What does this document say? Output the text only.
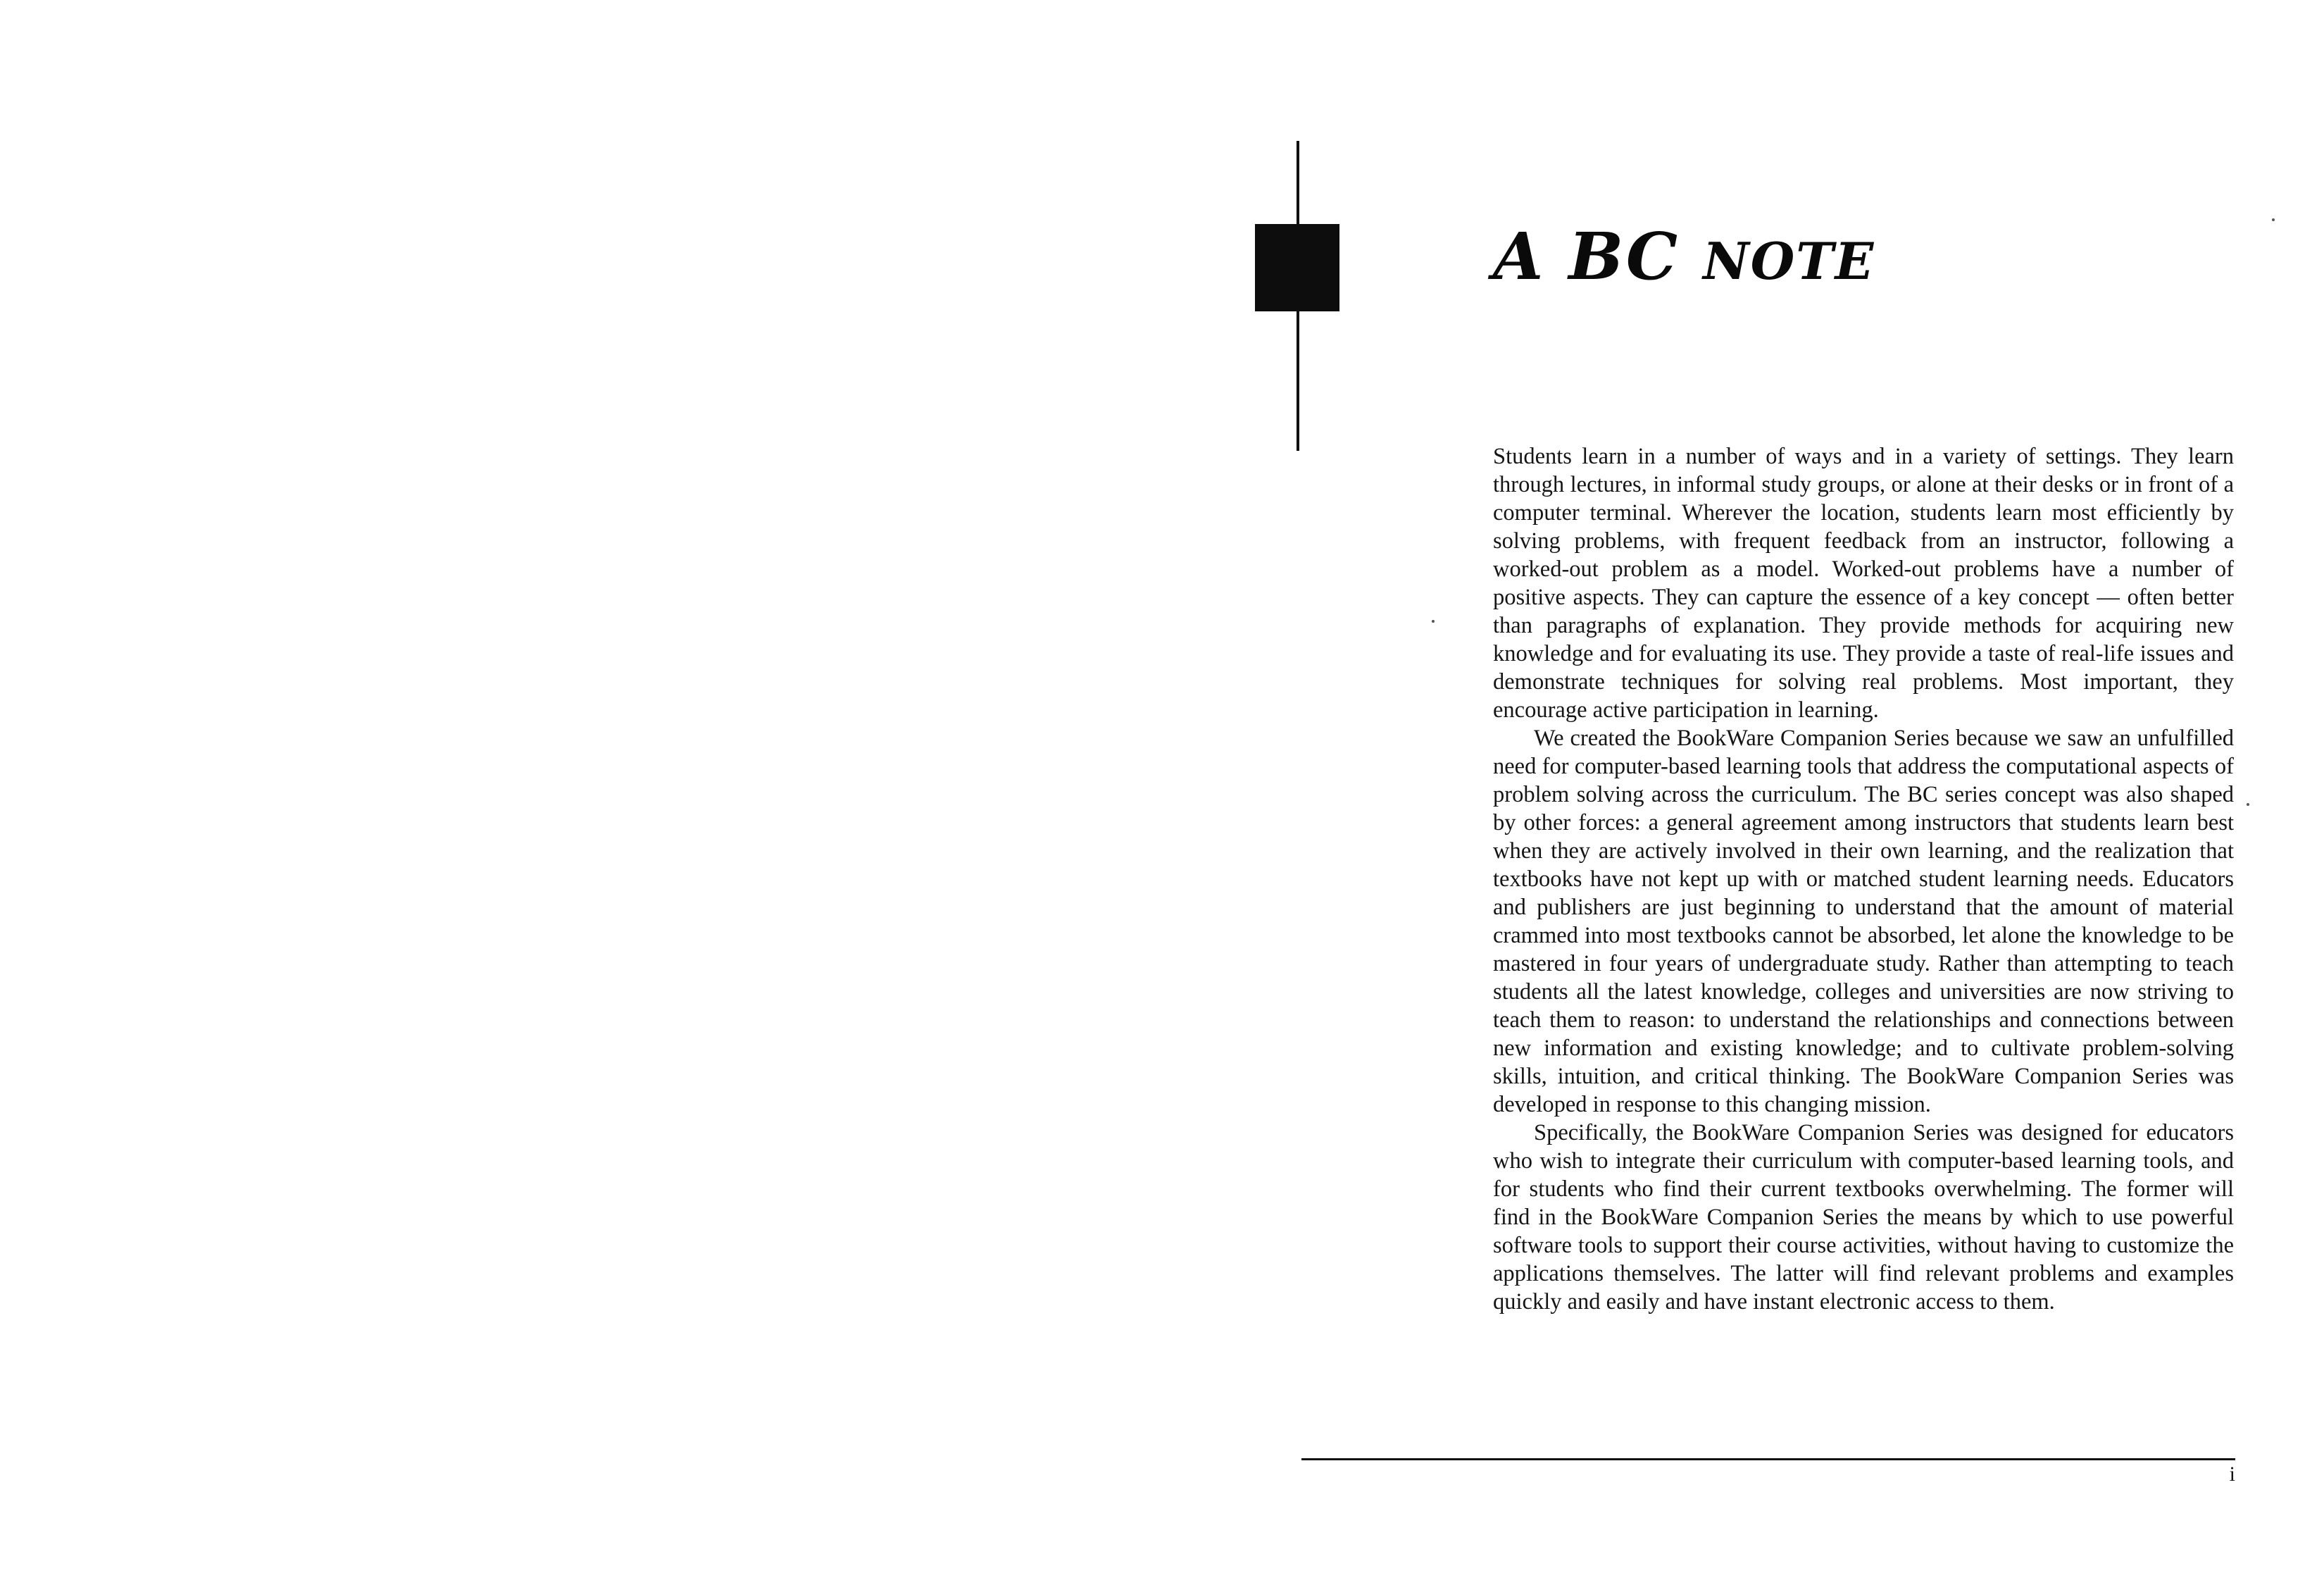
A BC NOTE

Students learn in a number of ways and in a variety of settings. They learn through lectures, in informal study groups, or alone at their desks or in front of a computer terminal. Wherever the location, students learn most efficiently by solving problems, with frequent feedback from an instructor, following a worked-out problem as a model. Worked-out problems have a number of positive aspects. They can capture the essence of a key concept — often better than paragraphs of explanation. They provide methods for acquiring new knowledge and for evaluating its use. They provide a taste of real-life issues and demonstrate techniques for solving real problems. Most important, they encourage active participation in learning.

We created the BookWare Companion Series because we saw an unfulfilled need for computer-based learning tools that address the computational aspects of problem solving across the curriculum. The BC series concept was also shaped by other forces: a general agreement among instructors that students learn best when they are actively involved in their own learning, and the realization that textbooks have not kept up with or matched student learning needs. Educators and publishers are just beginning to understand that the amount of material crammed into most textbooks cannot be absorbed, let alone the knowledge to be mastered in four years of undergraduate study. Rather than attempting to teach students all the latest knowledge, colleges and universities are now striving to teach them to reason: to understand the relationships and connections between new information and existing knowledge; and to cultivate problem-solving skills, intuition, and critical thinking. The BookWare Companion Series was developed in response to this changing mission.

Specifically, the BookWare Companion Series was designed for educators who wish to integrate their curriculum with computer-based learning tools, and for students who find their current textbooks overwhelming. The former will find in the BookWare Companion Series the means by which to use powerful software tools to support their course activities, without having to customize the applications themselves. The latter will find relevant problems and examples quickly and easily and have instant electronic access to them.

i
